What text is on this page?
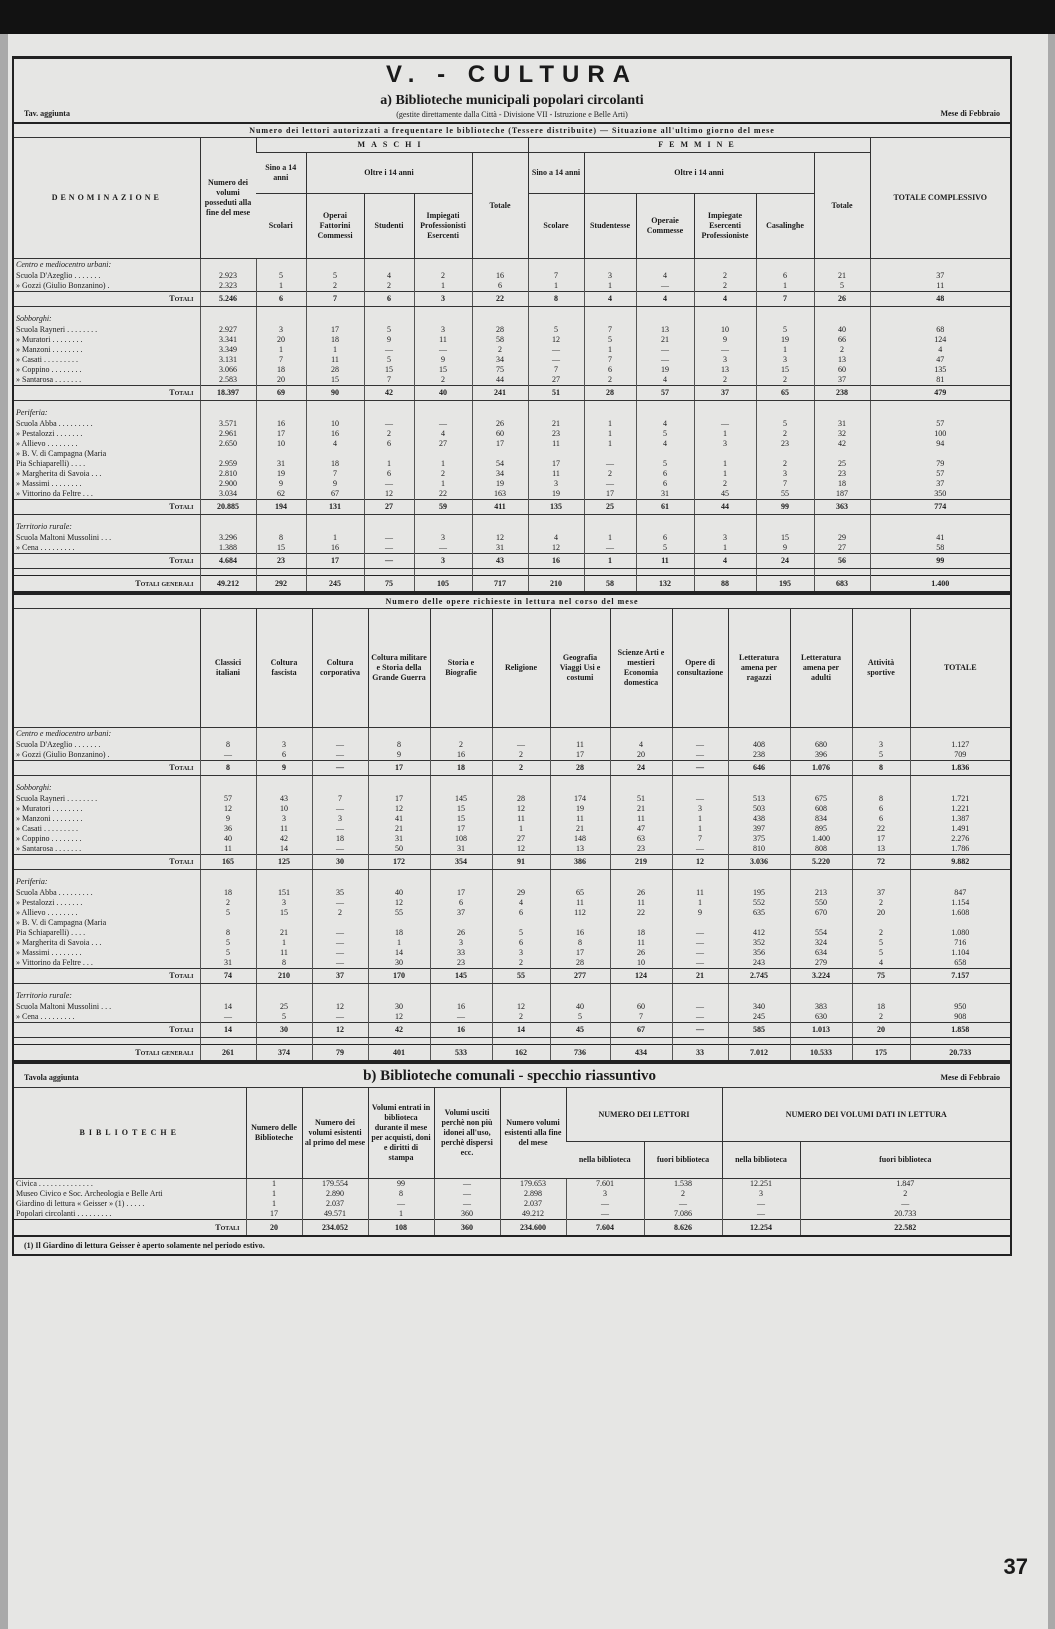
V. - CULTURA
a) Biblioteche municipali popolari circolanti
(gestite direttamente dalla Città - Divisione VII - Istruzione e Belle Arti)
Tav. aggiunta	Mese di Febbraio
Numero dei lettori autorizzati a frequentare le biblioteche (Tessere distribuite) — Situazione all'ultimo giorno del mese
DENOMINAZIONE	Numero dei volumi posseduti alla fine del mese	MASCHI					FEMMINE						TOTALE COMPLESSIVO
		Sino a 14 anni	Oltre i 14 anni			Totale	Sino a 14 anni	Oltre i 14 anni				Totale	
		Scolari	Operai Fattorini Commessi	Studenti	Impiegati Professionisti Esercenti		Scolare	Studentesse	Operaie Commesse	Impiegate Esercenti Professioniste	Casalinghe		
Centro e mediocentro urbani:													
Scuola D'Azeglio . . . . . . .	2.923	5	5	4	2	16	7	3	4	2	6	21	37
» Gozzi (Giulio Bonzanino) .	2.323	1	2	2	1	6	1	1	—	2	1	5	11
Totali	5.246	6	7	6	3	22	8	4	4	4	7	26	48

Sobborghi:													
Scuola Rayneri . . . . . . . .	2.927	3	17	5	3	28	5	7	13	10	5	40	68
» Muratori . . . . . . . .	3.341	20	18	9	11	58	12	5	21	9	19	66	124
» Manzoni . . . . . . . .	3.349	1	1	—	—	2	—	1	—	—	1	2	4
» Casati . . . . . . . . .	3.131	7	11	5	9	34	—	7	—	3	3	13	47
» Coppino . . . . . . . .	3.066	18	28	15	15	75	7	6	19	13	15	60	135
» Santarosa . . . . . . .	2.583	20	15	7	2	44	27	2	4	2	2	37	81
Totali	18.397	69	90	42	40	241	51	28	57	37	65	238	479

Periferia:													
Scuola Abba . . . . . . . . .	3.571	16	10	—	—	26	21	1	4	—	5	31	57
» Pestalozzi . . . . . . .	2.961	17	16	2	4	60	23	1	5	1	2	32	100
» Allievo . . . . . . . .	2.650	10	4	6	27	17	11	1	4	3	23	42	94
» B. V. di Campagna (Maria													
Pia Schiaparelli) . . . .	2.959	31	18	1	1	54	17	—	5	1	2	25	79
» Margherita di Savoia . . .	2.810	19	7	6	2	34	11	2	6	1	3	23	57
» Massimi . . . . . . . .	2.900	9	9	—	1	19	3	—	6	2	7	18	37
» Vittorino da Feltre . . .	3.034	62	67	12	22	163	19	17	31	45	55	187	350
Totali	20.885	194	131	27	59	411	135	25	61	44	99	363	774

Territorio rurale:													
Scuola Maltoni Mussolini . . .	3.296	8	1	—	3	12	4	1	6	3	15	29	41
» Cena . . . . . . . . .	1.388	15	16	—	—	31	12	—	5	1	9	27	58
Totali	4.684	23	17	—	3	43	16	1	11	4	24	56	99

Totali generali	49.212	292	245	75	105	717	210	58	132	88	195	683	1.400
Numero delle opere richieste in lettura nel corso del mese
	Classici italiani	Coltura fascista	Coltura corporativa	Coltura militare e Storia della Grande Guerra	Storia e Biografie	Religione	Geografia Viaggi Usi e costumi	Scienze Arti e mestieri Economia domestica	Opere di consultazione	Letteratura amena per ragazzi	Letteratura amena per adulti	Attività sportive	TOTALE
Centro e mediocentro urbani:													
Scuola D'Azeglio . . . . . . .	8	3	—	8	2	—	11	4	—	408	680	3	1.127
» Gozzi (Giulio Bonzanino) .	—	6	—	9	16	2	17	20	—	238	396	5	709
Totali	8	9	—	17	18	2	28	24	—	646	1.076	8	1.836

Sobborghi:													
Scuola Rayneri . . . . . . . .	57	43	7	17	145	28	174	51	—	513	675	8	1.721
» Muratori . . . . . . . .	12	10	—	12	15	12	19	21	3	503	608	6	1.221
» Manzoni . . . . . . . .	9	3	3	41	15	11	11	11	1	438	834	6	1.387
» Casati . . . . . . . . .	36	11	—	21	17	1	21	47	1	397	895	22	1.491
» Coppino . . . . . . . .	40	42	18	31	108	27	148	63	7	375	1.400	17	2.276
» Santarosa . . . . . . .	11	14	—	50	31	12	13	23	—	810	808	13	1.786
Totali	165	125	30	172	354	91	386	219	12	3.036	5.220	72	9.882

Periferia:													
Scuola Abba . . . . . . . . .	18	151	35	40	17	29	65	26	11	195	213	37	847
» Pestalozzi . . . . . . .	2	3	—	12	6	4	11	11	1	552	550	2	1.154
» Allievo . . . . . . . .	5	15	2	55	37	6	112	22	9	635	670	20	1.608
» B. V. di Campagna (Maria													
Pia Schiaparelli) . . . .	8	21	—	18	26	5	16	18	—	412	554	2	1.080
» Margherita di Savoia . . .	5	1	—	1	3	6	8	11	—	352	324	5	716
» Massimi . . . . . . . .	5	11	—	14	33	3	17	26	—	356	634	5	1.104
» Vittorino da Feltre . . .	31	8	—	30	23	2	28	10	—	243	279	4	658
Totali	74	210	37	170	145	55	277	124	21	2.745	3.224	75	7.157

Territorio rurale:													
Scuola Maltoni Mussolini . . .	14	25	12	30	16	12	40	60	—	340	383	18	950
» Cena . . . . . . . . .	—	5	—	12	—	2	5	7	—	245	630	2	908
Totali	14	30	12	42	16	14	45	67	—	585	1.013	20	1.858

Totali generali	261	374	79	401	533	162	736	434	33	7.012	10.533	175	20.733
Tavola aggiunta	b) Biblioteche comunali - specchio riassuntivo	Mese di Febbraio
BIBLIOTECHE	Numero delle Biblioteche	Numero dei volumi esistenti al primo del mese	Volumi entrati in biblioteca durante il mese per acquisti, doni e diritti di stampa	Volumi usciti perchè non più idonei all'uso, perchè dispersi ecc.	Numero volumi esistenti alla fine del mese	NUMERO DEI LETTORI		NUMERO DEI VOLUMI DATI IN LETTURA	
						nella biblioteca	fuori biblioteca	nella biblioteca	fuori biblioteca
Civica . . . . . . . . . . . . . .	1	179.554	99	—	179.653	7.601	1.538	12.251	1.847
Museo Civico e Soc. Archeologia e Belle Arti	1	2.890	8	—	2.898	3	2	3	2
Giardino di lettura « Geisser » (1) . . . . .	1	2.037	—	—	2.037	—	—	—	—
Popolari circolanti . . . . . . . . .	17	49.571	1	360	49.212	—	7.086	—	20.733
Totali	20	234.052	108	360	234.600	7.604	8.626	12.254	22.582
(1) Il Giardino di lettura Geisser è aperto solamente nel periodo estivo.
37
